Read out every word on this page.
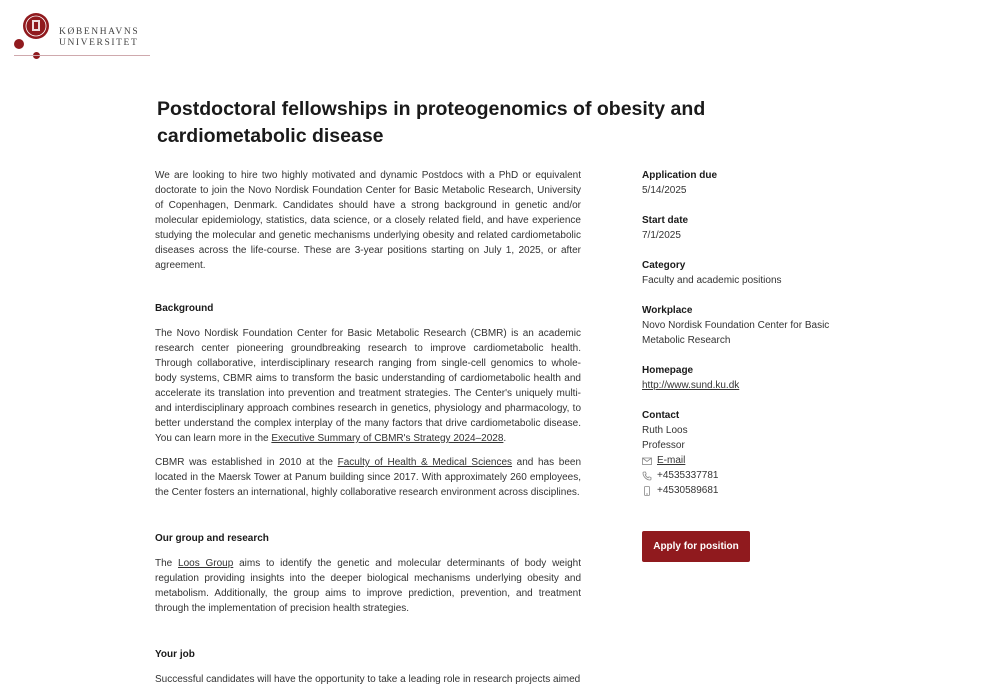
KØBENHAVNS
UNIVERSITET
Postdoctoral fellowships in proteogenomics of obesity and cardiometabolic disease

We are looking to hire two highly motivated and dynamic Postdocs with a PhD or equivalent doctorate to join the Novo Nordisk Foundation Center for Basic Metabolic Research, University of Copenhagen, Denmark. Candidates should have a strong background in genetic and/or molecular epidemiology, statistics, data science, or a closely related field, and have experience studying the molecular and genetic mechanisms underlying obesity and related cardiometabolic diseases across the life-course. These are 3-year positions starting on July 1, 2025, or after agreement.

Background

The Novo Nordisk Foundation Center for Basic Metabolic Research (CBMR) is an academic research center pioneering groundbreaking research to improve cardiometabolic health. Through collaborative, interdisciplinary research ranging from single-cell genomics to whole-body systems, CBMR aims to transform the basic understanding of cardiometabolic health and accelerate its translation into prevention and treatment strategies. The Center's uniquely multi- and interdisciplinary approach combines research in genetics, physiology and pharmacology, to better understand the complex interplay of the many factors that drive cardiometabolic disease. You can learn more in the Executive Summary of CBMR's Strategy 2024–2028.

CBMR was established in 2010 at the Faculty of Health & Medical Sciences and has been located in the Maersk Tower at Panum building since 2017. With approximately 260 employees, the Center fosters an international, highly collaborative research environment across disciplines.

Our group and research

The Loos Group aims to identify the genetic and molecular determinants of body weight regulation providing insights into the deeper biological mechanisms underlying obesity and metabolism. Additionally, the group aims to improve prediction, prevention, and treatment through the implementation of precision health strategies.

Your job

Successful candidates will have the opportunity to take a leading role in research projects aimed

Application due
5/14/2025
Start date
7/1/2025
Category
Faculty and academic positions
Workplace
Novo Nordisk Foundation Center for Basic Metabolic Research
Homepage
http://www.sund.ku.dk
Contact
Ruth Loos
Professor
E-mail
+4535337781
+4530589681
Apply for position
